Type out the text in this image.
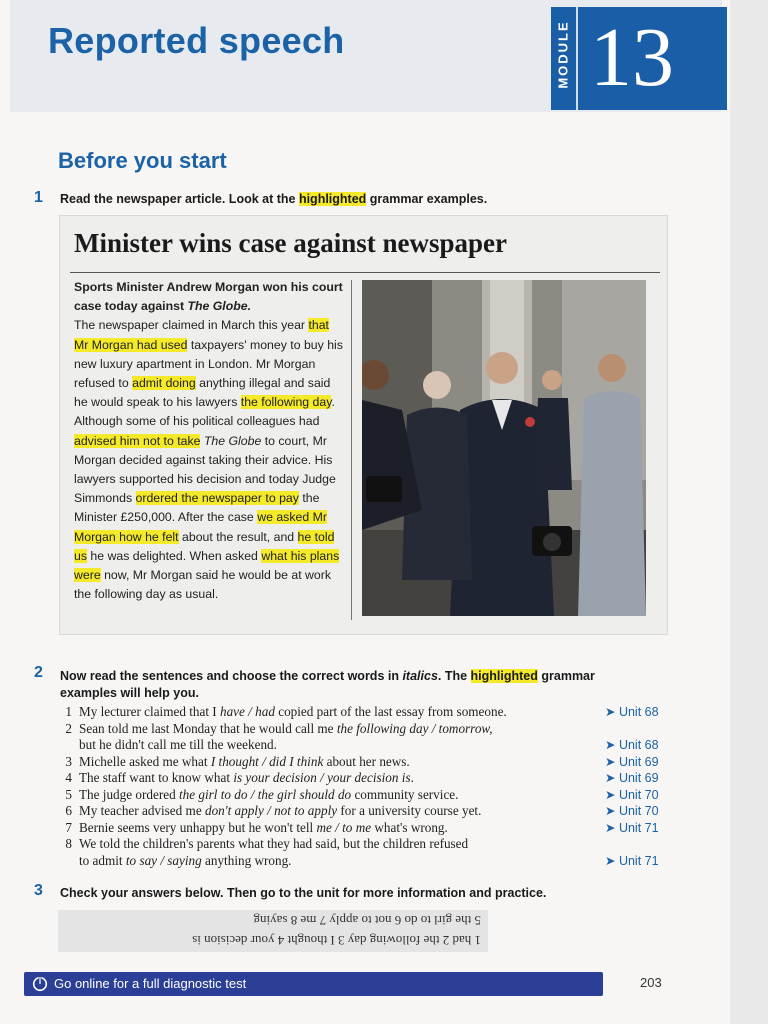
Reported speech	MODULE 13
Before you start
1 Read the newspaper article. Look at the highlighted grammar examples.
Minister wins case against newspaper

Sports Minister Andrew Morgan won his court case today against The Globe.

The newspaper claimed in March this year that Mr Morgan had used taxpayers' money to buy his new luxury apartment in London. Mr Morgan refused to admit doing anything illegal and said he would speak to his lawyers the following day. Although some of his political colleagues had advised him not to take The Globe to court, Mr Morgan decided against taking their advice. His lawyers supported his decision and today Judge Simmonds ordered the newspaper to pay the Minister £250,000. After the case we asked Mr Morgan how he felt about the result, and he told us he was delighted. When asked what his plans were now, Mr Morgan said he would be at work the following day as usual.

2 Now read the sentences and choose the correct words in italics. The highlighted grammar
examples will help you.
1 My lecturer claimed that I have / had copied part of the last essay from someone.	➤ Unit 68
2 Sean told me last Monday that he would call me the following day / tomorrow,
but he didn't call me till the weekend.	➤ Unit 68
3 Michelle asked me what I thought / did I think about her news.	➤ Unit 69
4 The staff want to know what is your decision / your decision is.	➤ Unit 69
5 The judge ordered the girl to do / the girl should do community service.	➤ Unit 70
6 My teacher advised me don't apply / not to apply for a university course yet.	➤ Unit 70
7 Bernie seems very unhappy but he won't tell me / to me what's wrong.	➤ Unit 71
8 We told the children's parents what they had said, but the children refused
to admit to say / saying anything wrong.	➤ Unit 71
3 Check your answers below. Then go to the unit for more information and practice.
5 the girl to do 6 not to apply 7 me 8 saying
1 had 2 the following day 3 I thought 4 your decision is
Go online for a full diagnostic test	203
